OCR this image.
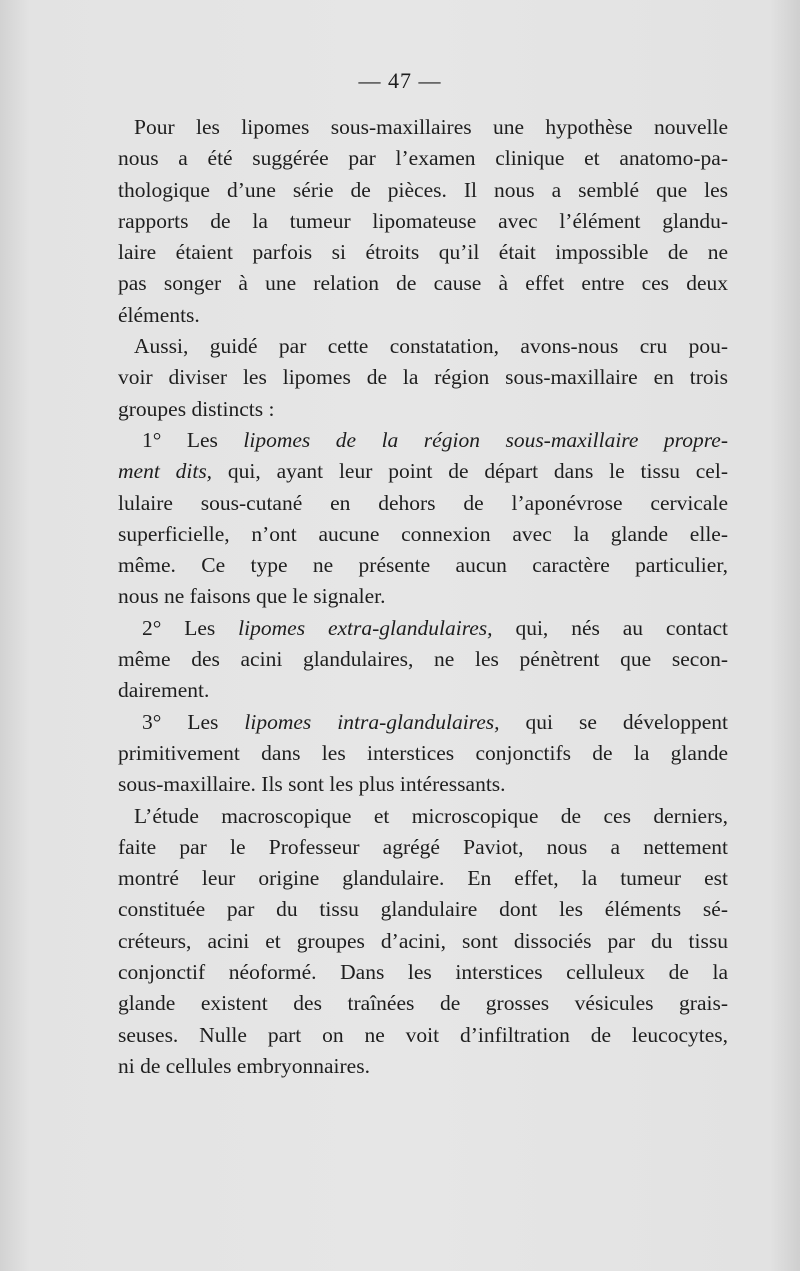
— 47 —
Pour les lipomes sous-maxillaires une hypothèse nouvelle
nous a été suggérée par l’examen clinique et anatomo-pa-
thologique d’une série de pièces. Il nous a semblé que les
rapports de la tumeur lipomateuse avec l’élément glandu-
laire étaient parfois si étroits qu’il était impossible de ne
pas songer à une relation de cause à effet entre ces deux
éléments.
Aussi, guidé par cette constatation, avons-nous cru pou-
voir diviser les lipomes de la région sous-maxillaire en trois
groupes distincts :
1° Les lipomes de la région sous-maxillaire propre-
ment dits, qui, ayant leur point de départ dans le tissu cel-
lulaire sous-cutané en dehors de l’aponévrose cervicale
superficielle, n’ont aucune connexion avec la glande elle-
même. Ce type ne présente aucun caractère particulier,
nous ne faisons que le signaler.
2° Les lipomes extra-glandulaires, qui, nés au contact
même des acini glandulaires, ne les pénètrent que secon-
dairement.
3° Les lipomes intra-glandulaires, qui se développent
primitivement dans les interstices conjonctifs de la glande
sous-maxillaire. Ils sont les plus intéressants.
L’étude macroscopique et microscopique de ces derniers,
faite par le Professeur agrégé Paviot, nous a nettement
montré leur origine glandulaire. En effet, la tumeur est
constituée par du tissu glandulaire dont les éléments sé-
créteurs, acini et groupes d’acini, sont dissociés par du tissu
conjonctif néoformé. Dans les interstices celluleux de la
glande existent des traînées de grosses vésicules grais-
seuses. Nulle part on ne voit d’infiltration de leucocytes,
ni de cellules embryonnaires.
